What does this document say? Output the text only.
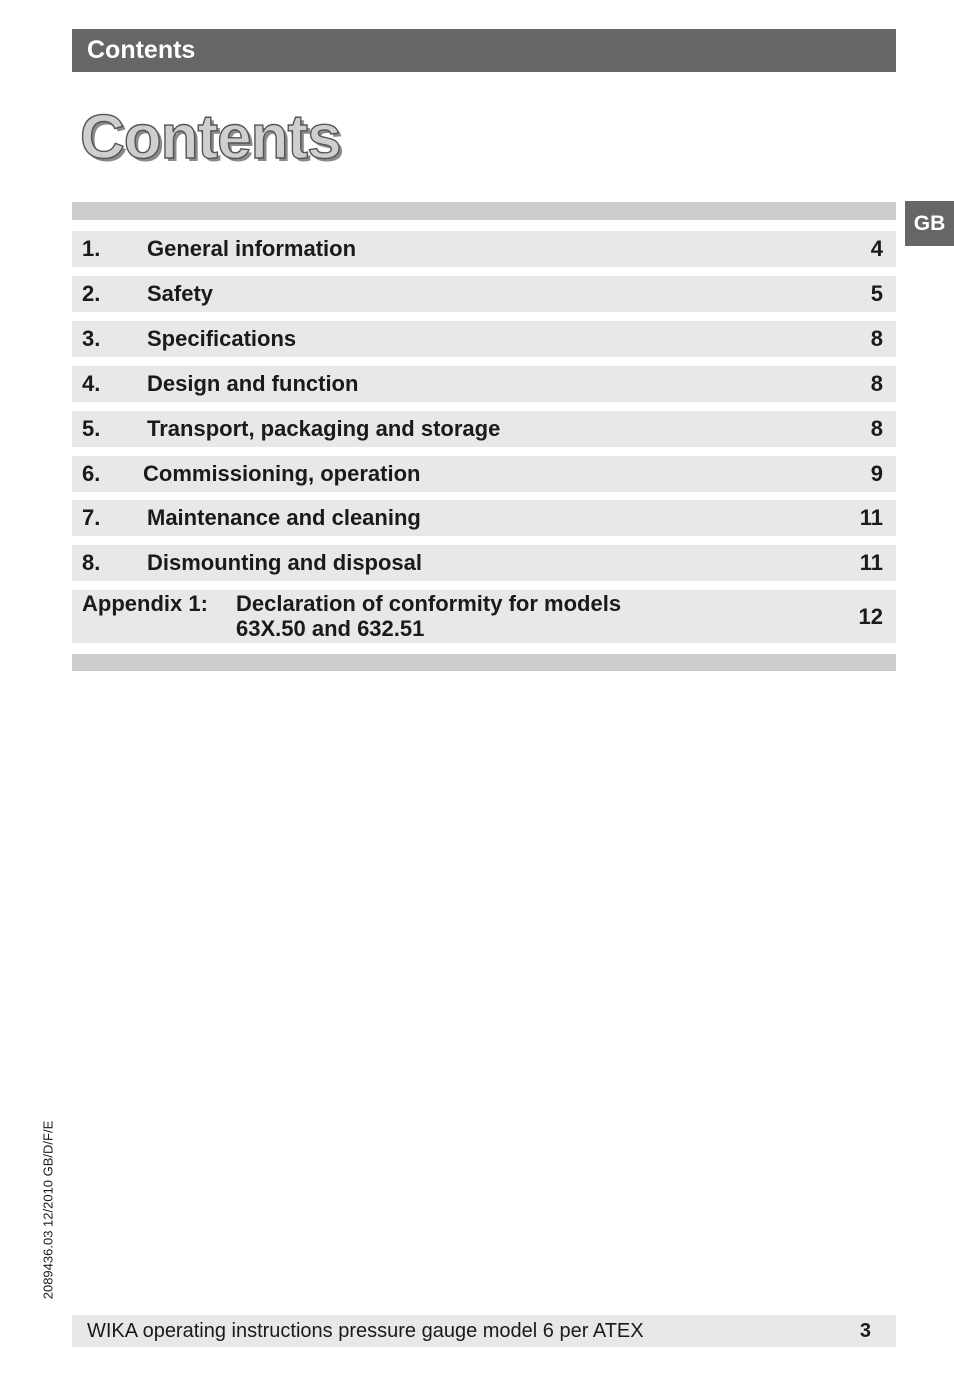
Contents
Contents
GB
1. General information	4
2. Safety	5
3. Specifications	8
4. Design and function	8
5. Transport, packaging and storage	8
6. Commissioning, operation	9
7. Maintenance and cleaning	11
8. Dismounting and disposal	11
Appendix 1: Declaration of conformity for models
63X.50 and 632.51	12
2089436.03 12/2010 GB/D/F/E
WIKA operating instructions pressure gauge model 6 per ATEX	3
